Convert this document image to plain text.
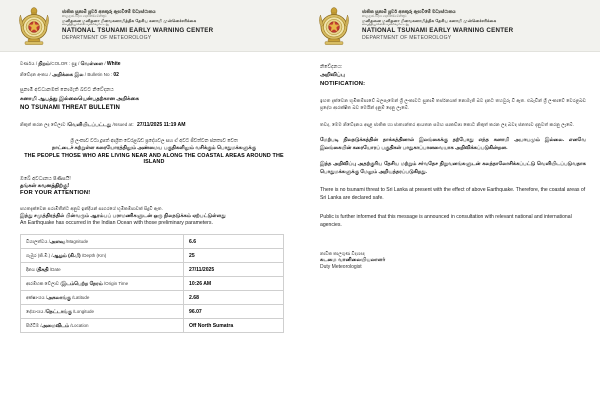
ජාතික සුනාමි පූර්ව අනතුරු ඇඟවීමේ මධ්‍යස්ථානය
කාලගුණ විද්‍යා දෙපාර්තමේන්තුව
மனிதனை மனிதனா மீனவசுனாமித்திக தேசிய கனாமி முன்னெச்சரிக்கை
வைத்தியசாலை வளர்சுமாட்டது
NATIONAL TSUNAMI EARLY WARNING CENTER
DEPARTMENT OF METEOROLOGY
වර්ණය / நிறம்/COLOR : සුදු / வெள்ளை / White
නිවේදන අංකය / அறிக்கை இல / Bulletin No : 02
සුනාමි අවධානමක් නොමැති බවට නිවේදනය
சுனாமி ஆபத்து இல்லையென்பதற்கான அறிக்கை
NO TSUNAMI THREAT BULLETIN
නිකුත් කරන ලද වේලාව /வெளியிடப்பட்டது /Issued at: 27/11/2025 11:19 AM
ශ්‍රී ලංකාව වටා දූපත් ආශ්‍රිත වෙරළබඩ ප්‍රදේශවල සහ ඒ අවට ජීවත්වන ජනතාව වෙත
நாட்டைச் சுற்றுள்ள கரையோரத்திலும் அண்மைய பகுதிகளிலும் வசிக்கும் பொதுமக்களுக்கு
THE PEOPLE THOSE WHO ARE LIVING NEAR AND ALONG THE COASTAL AREAS AROUND THE ISLAND
ඔබේ අවධානය පිණිසයි!
தங்கள் கவனத்திற்கு!
FOR YOUR ATTENTION!
පහතදැක්වෙන පරාමිතීන්ට අනුව ඉන්දියන් සාගරයේ භූමිකම්පාවක් සිදුවී ඇත.
இந்து சமுத்திரத்தில் பின்வரும் ஆரம்பப் பராமணிகளுடன் ஒரு நிலநடுக்கம் ஏற்பட்டுள்ளது
An Earthquake has occurred in the Indian Ocean with those preliminary parameters.
විශාලත්වය /அளவு /Magnitude	6.6
ගැඹුර (කි.මී.) /ஆழம் (கி.மீ) /Depth (Km)	25
දිනය /திகதி /Date	27/11/2025
ආරම්භක වේලාව /இடம்பெற்ற நேரம் /Origin Time	10:26 AM
අක්ෂාංශය /அகலாங்கு /Latitude	2.68
දේශාංශය /நெட்டாங்கு /Longitude	96.07
පිහිටීම /அமைவிடம் /Location	Off North Sumatra
ජාතික සුනාමි පූර්ව අනතුරු ඇඟවීමේ මධ්‍යස්ථානය
කාලගුණ විද්‍යා දෙපාර්තමේන්තුව
மனிதனை மனிதனா மீனவசுனாமித்திக தேசிய கனாமி முன்னெச்சரிக்கை
வைத்தியசாலை வளர்சுமாட்டது
NATIONAL TSUNAMI EARLY WARNING CENTER
DEPARTMENT OF METEOROLOGY
නිවේදනය:
அறிவிப்பு
NOTIFICATION:
ඉහත දැක්වෙන භූමිකම්පාවේ බලපෑමෙන් ශ්‍රී ලංකාවට සුනාමි තර්ජනයක් නොමැති බව දැනට තහවුරු වී ඇත. එබැවින් ශ්‍රී ලංකාවේ වෙරළබඩ ප්‍රදේශ ආරක්ෂිත බව මෙයින් දැනුම් දෙනු ලැබේ.
තවද, මෙම නිවේදනය අදාළ ජාතික හා ජාත්‍යන්තර ආයතන සමඟ සාකච්ඡා කොට නිකුත් කරන ලද බවද ජනතාව දැනුවත් කරනු ලැබේ.
மேற்படி நிலநடுக்கத்தின் தாக்கத்தினால் இலங்கைக்கு தற்போது எந்த சுனாமி அபாயமும் இல்லை. எனவே இலங்கையின் கரையோரப் பகுதிகள் பாதுகாப்பானவையாக அறிவிக்கப்படுகின்றன.
இந்த அறிவிப்பு அதற்குரிய தேசிய மற்றும் சர்வதேச நிறுவனங்களுடன் கலந்தாலோசிக்கப்பட்டு வெளியிடப்படுவதாக பொதுமக்களுக்கு மேலும் அறியத்தரப்படுகிறது.
There is no tsunami threat to Sri Lanka at present with the effect of above Earthquake. Therefore, the coastal areas of Sri Lanka are declared safe.
Public is further informed that this message is announced in consultation with relevant national and international agencies.
නාවික කාලගුණ විද්‍යාඥ
கடமை வானிலையியலாளர்
Duty Meteorologist
